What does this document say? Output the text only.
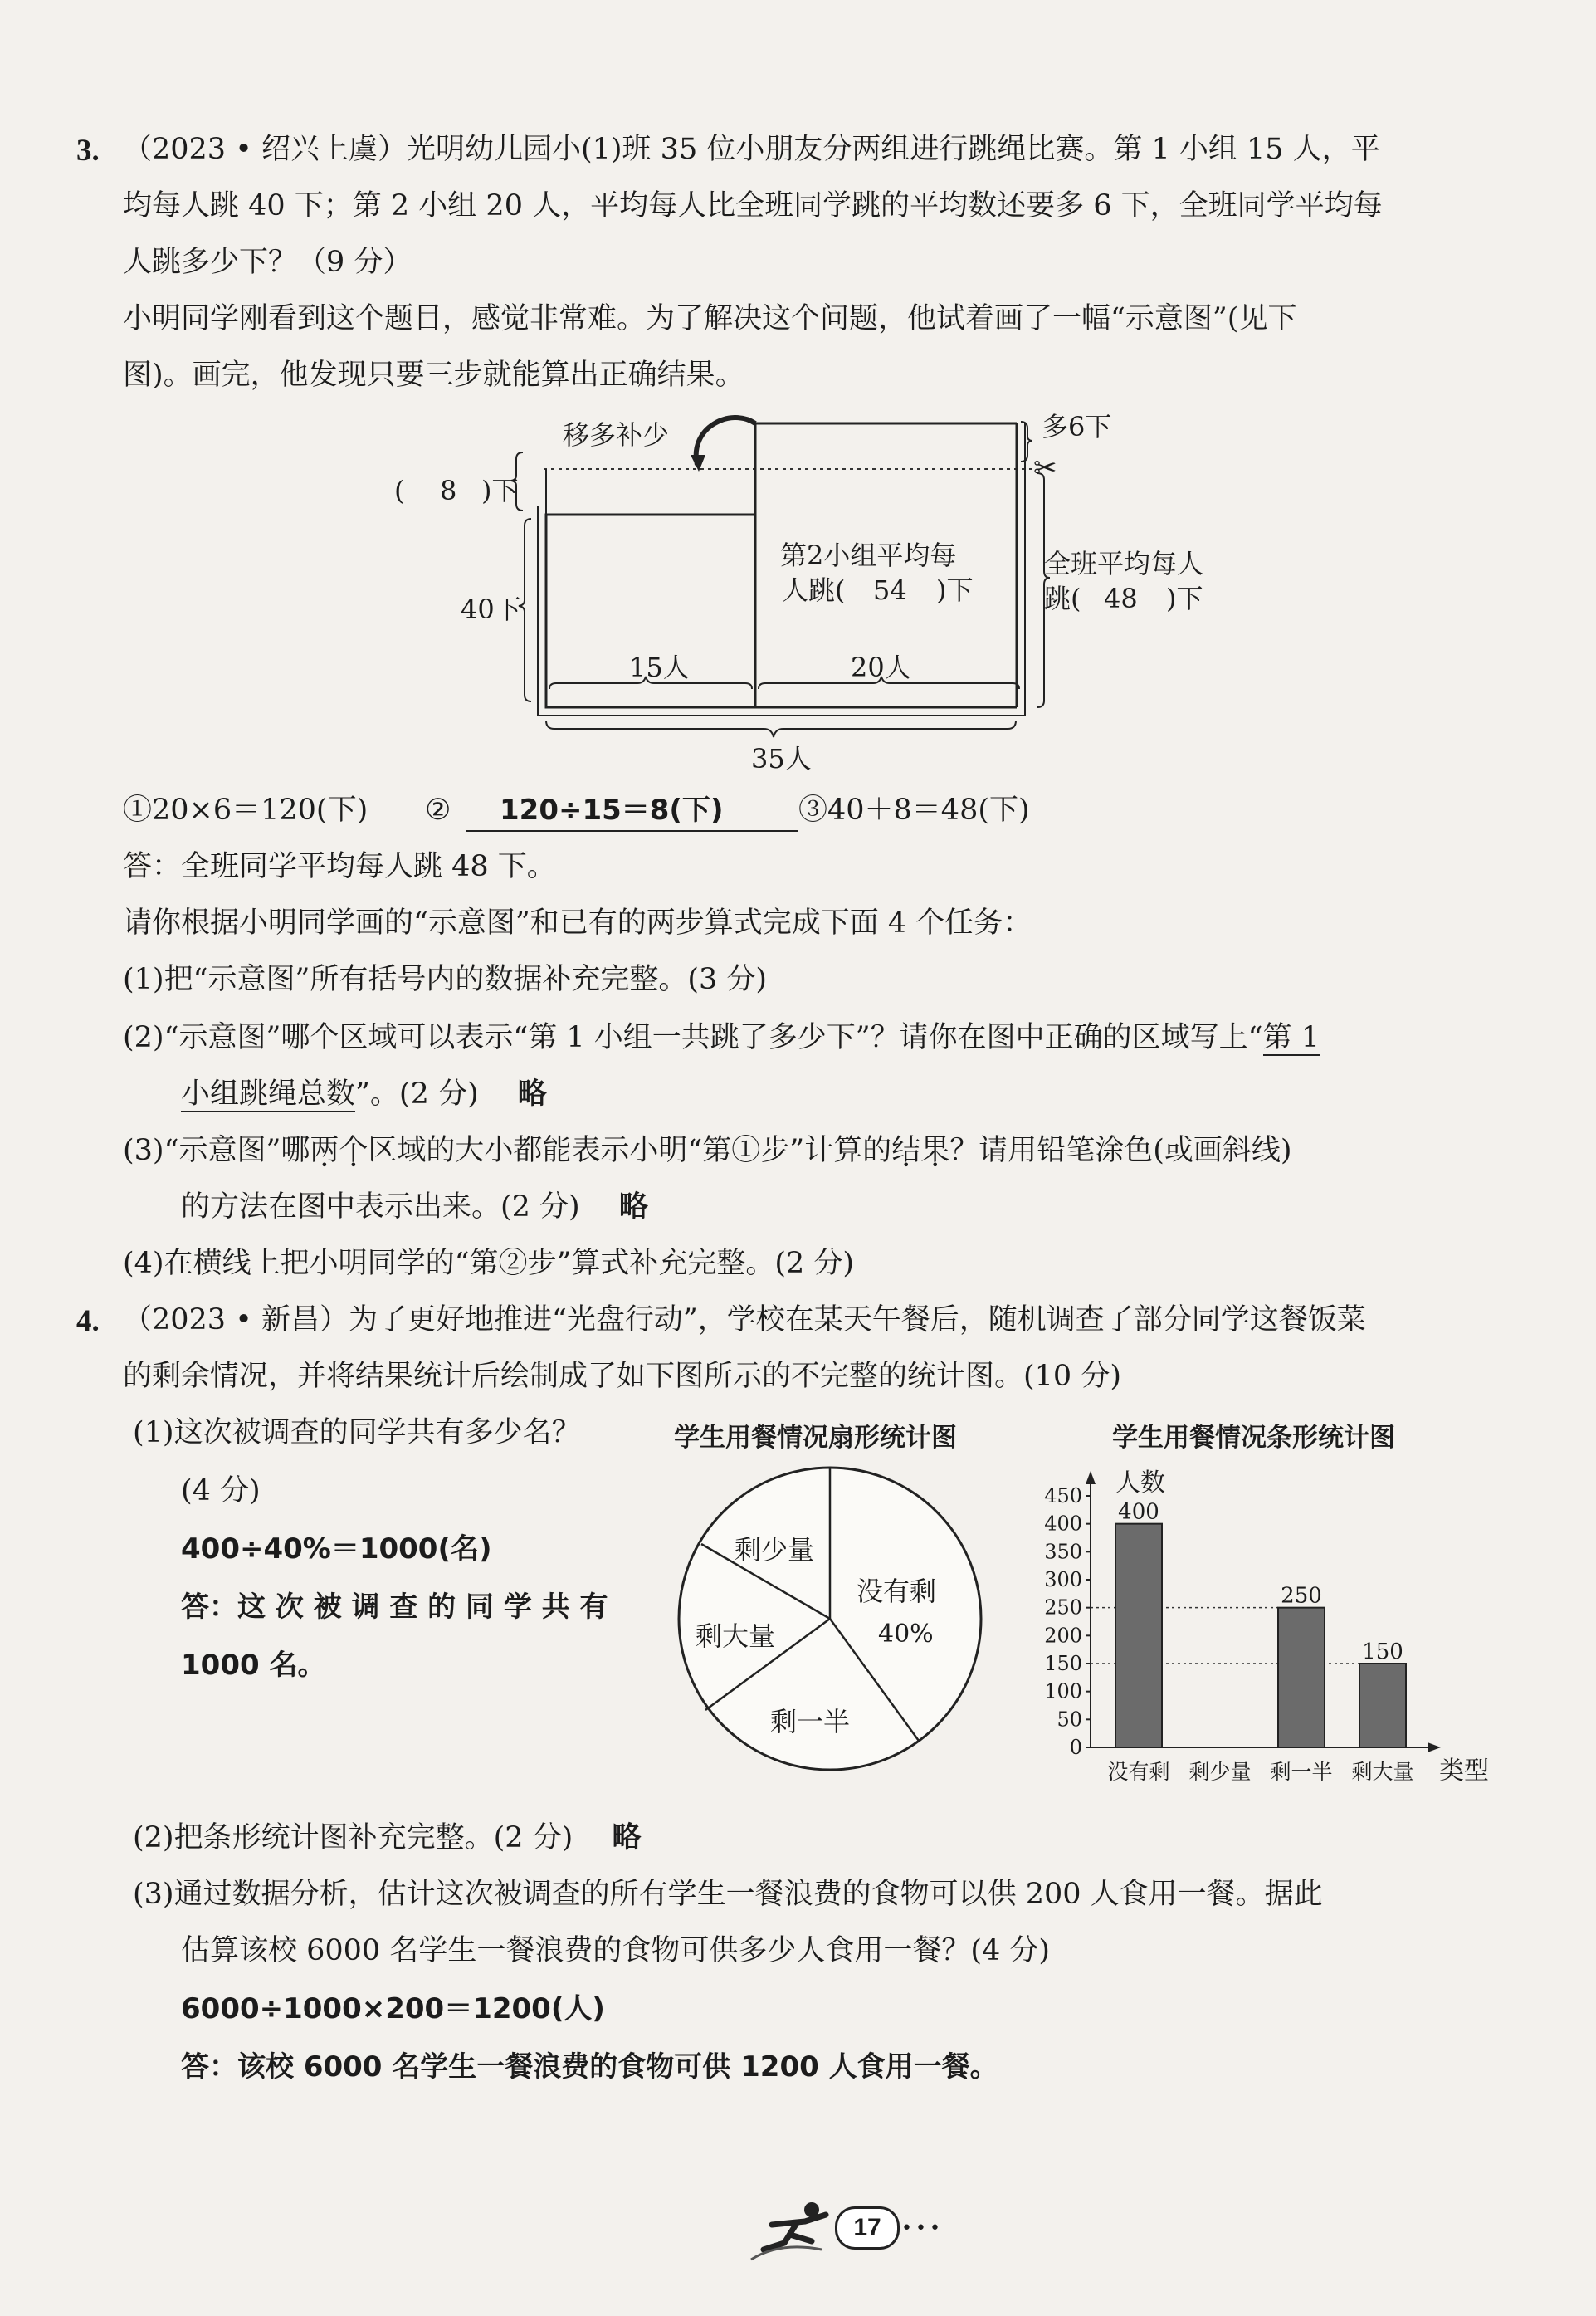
3. （2023 • 绍兴上虞）光明幼儿园小(1)班 35 位小朋友分两组进行跳绳比赛。第 1 小组 15 人，平
均每人跳 40 下；第 2 小组 20 人，平均每人比全班同学跳的平均数还要多 6 下，全班同学平均每
人跳多少下？（9 分）
小明同学刚看到这个题目，感觉非常难。为了解决这个问题，他试着画了一幅“示意图”(见下
图)。画完，他发现只要三步就能算出正确结果。
✂
移多补少	多6下
( 8 )下
40下
第2小组平均每
人跳( 54 )下
全班平均每人
跳( 48 )下
15人	20人
35人
①20×6＝120(下) ②	120÷15＝8(下)	③40＋8＝48(下)
答：全班同学平均每人跳 48 下。
请你根据小明同学画的“示意图”和已有的两步算式完成下面 4 个任务：
(1)把“示意图”所有括号内的数据补充完整。(3 分)
(2)“示意图”哪个区域可以表示“第 1 小组一共跳了多少下”？请你在图中正确的区域写上“第 1
小组跳绳总数”。(2 分) 略
(3)“示意图”哪两个区域的大小都能表示小明“第①步”计算的结果？请用铅笔涂色(或画斜线)
的方法在图中表示出来。(2 分) 略
(4)在横线上把小明同学的“第②步”算式补充完整。(2 分)
4. （2023 • 新昌）为了更好地推进“光盘行动”，学校在某天午餐后，随机调查了部分同学这餐饭菜
的剩余情况，并将结果统计后绘制成了如下图所示的不完整的统计图。(10 分)
(1)这次被调查的同学共有多少名？
(4 分)
400÷40%＝1000(名)
答：这 次 被 调 查 的 同 学 共 有
1000 名。
学生用餐情况扇形统计图
剩少量
没有剩
40%
剩大量
剩一半
学生用餐情况条形统计图
人数
类型
0
50
100
150
200
250
300
350
400
450
400
250
150
没有剩 剩少量 剩一半 剩大量
(2)把条形统计图补充完整。(2 分) 略
(3)通过数据分析，估计这次被调查的所有学生一餐浪费的食物可以供 200 人食用一餐。据此
估算该校 6000 名学生一餐浪费的食物可供多少人食用一餐？(4 分)
6000÷1000×200＝1200(人)
答：该校 6000 名学生一餐浪费的食物可供 1200 人食用一餐。
17	•••
